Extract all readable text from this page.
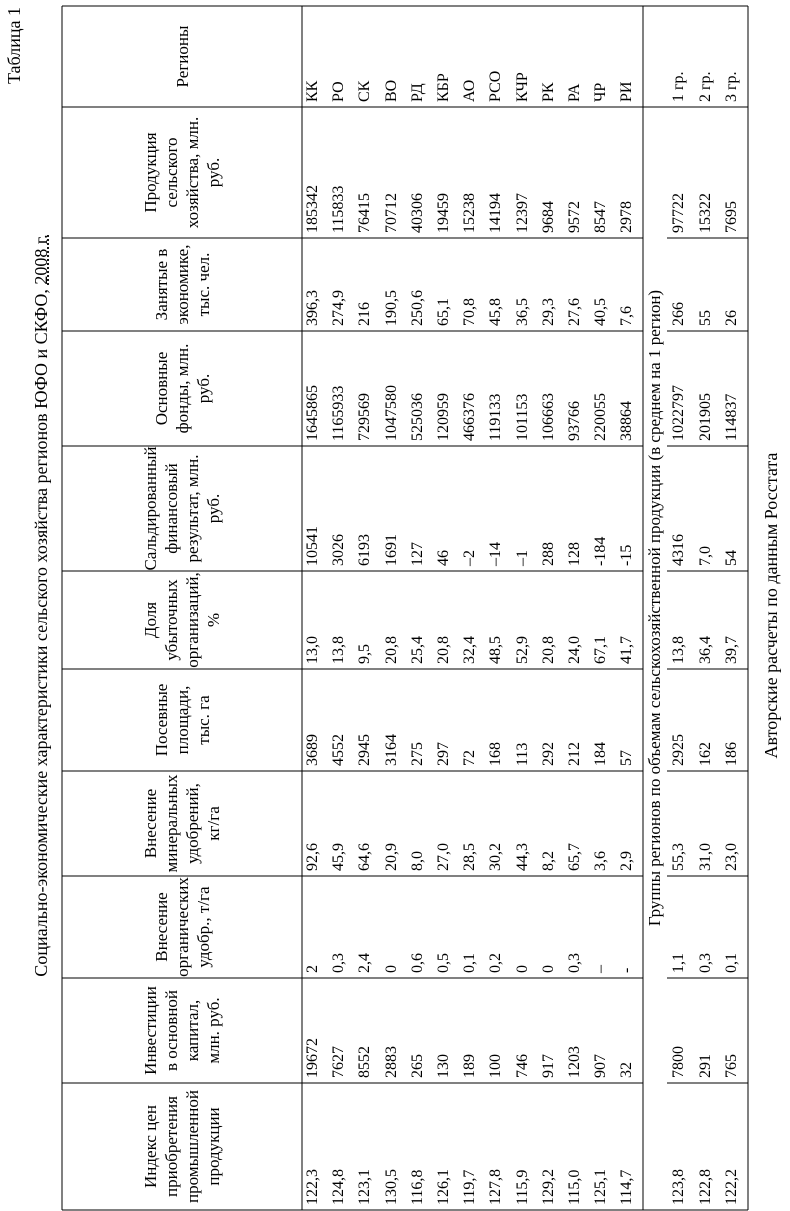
Таблица 1
Социально-экономические характеристики сельского хозяйства регионов ЮФО и СКФО, 2008 г.
Регионы
Продукция сельского хозяйства, млн. руб.
Занятые в экономике, тыс. чел.
Основные фонды, млн. руб.
Сальдированный финансовый результат, млн. руб.
Доля убыточных организаций, %
Посевные площади, тыс. га
Внесение минеральных удобрений, кг/га
Внесение органических удобр., т/га
Инвестиции в основной капитал, млн. руб.
Индекс цен приобретения промышленной продукции
КК
185342
396,3
1645865
10541
13,0
3689
92,6
2
19672
122,3
РО
115833
274,9
1165933
3026
13,8
4552
45,9
0,3
7627
124,8
СК
76415
216
729569
6193
9,5
2945
64,6
2,4
8552
123,1
ВО
70712
190,5
1047580
1691
20,8
3164
20,9
0
2883
130,5
РД
40306
250,6
525036
127
25,4
275
8,0
0,6
265
116,8
КБР
19459
65,1
120959
46
20,8
297
27,0
0,5
130
126,1
АО
15238
70,8
466376
–2
32,4
72
28,5
0,1
189
119,7
РСО
14194
45,8
119133
–14
48,5
168
30,2
0,2
100
127,8
КЧР
12397
36,5
101153
–1
52,9
113
44,3
0
746
115,9
РК
9684
29,3
106663
288
20,8
292
8,2
0
917
129,2
РА
9572
27,6
93766
128
24,0
212
65,7
0,3
1203
115,0
ЧР
8547
40,5
220055
-184
67,1
184
3,6
–
907
125,1
РИ
2978
7,6
38864
-15
41,7
57
2,9
-
32
114,7
Группы регионов по объемам сельскохозяйственной продукции (в среднем на 1 регион)
1 гр.
97722
266
1022797
4316
13,8
2925
55,3
1,1
7800
123,8
2 гр.
15322
55
201905
7,0
36,4
162
31,0
0,3
291
122,8
3 гр.
7695
26
114837
54
39,7
186
23,0
0,1
765
122,2
Авторские расчеты по данным Росстата
